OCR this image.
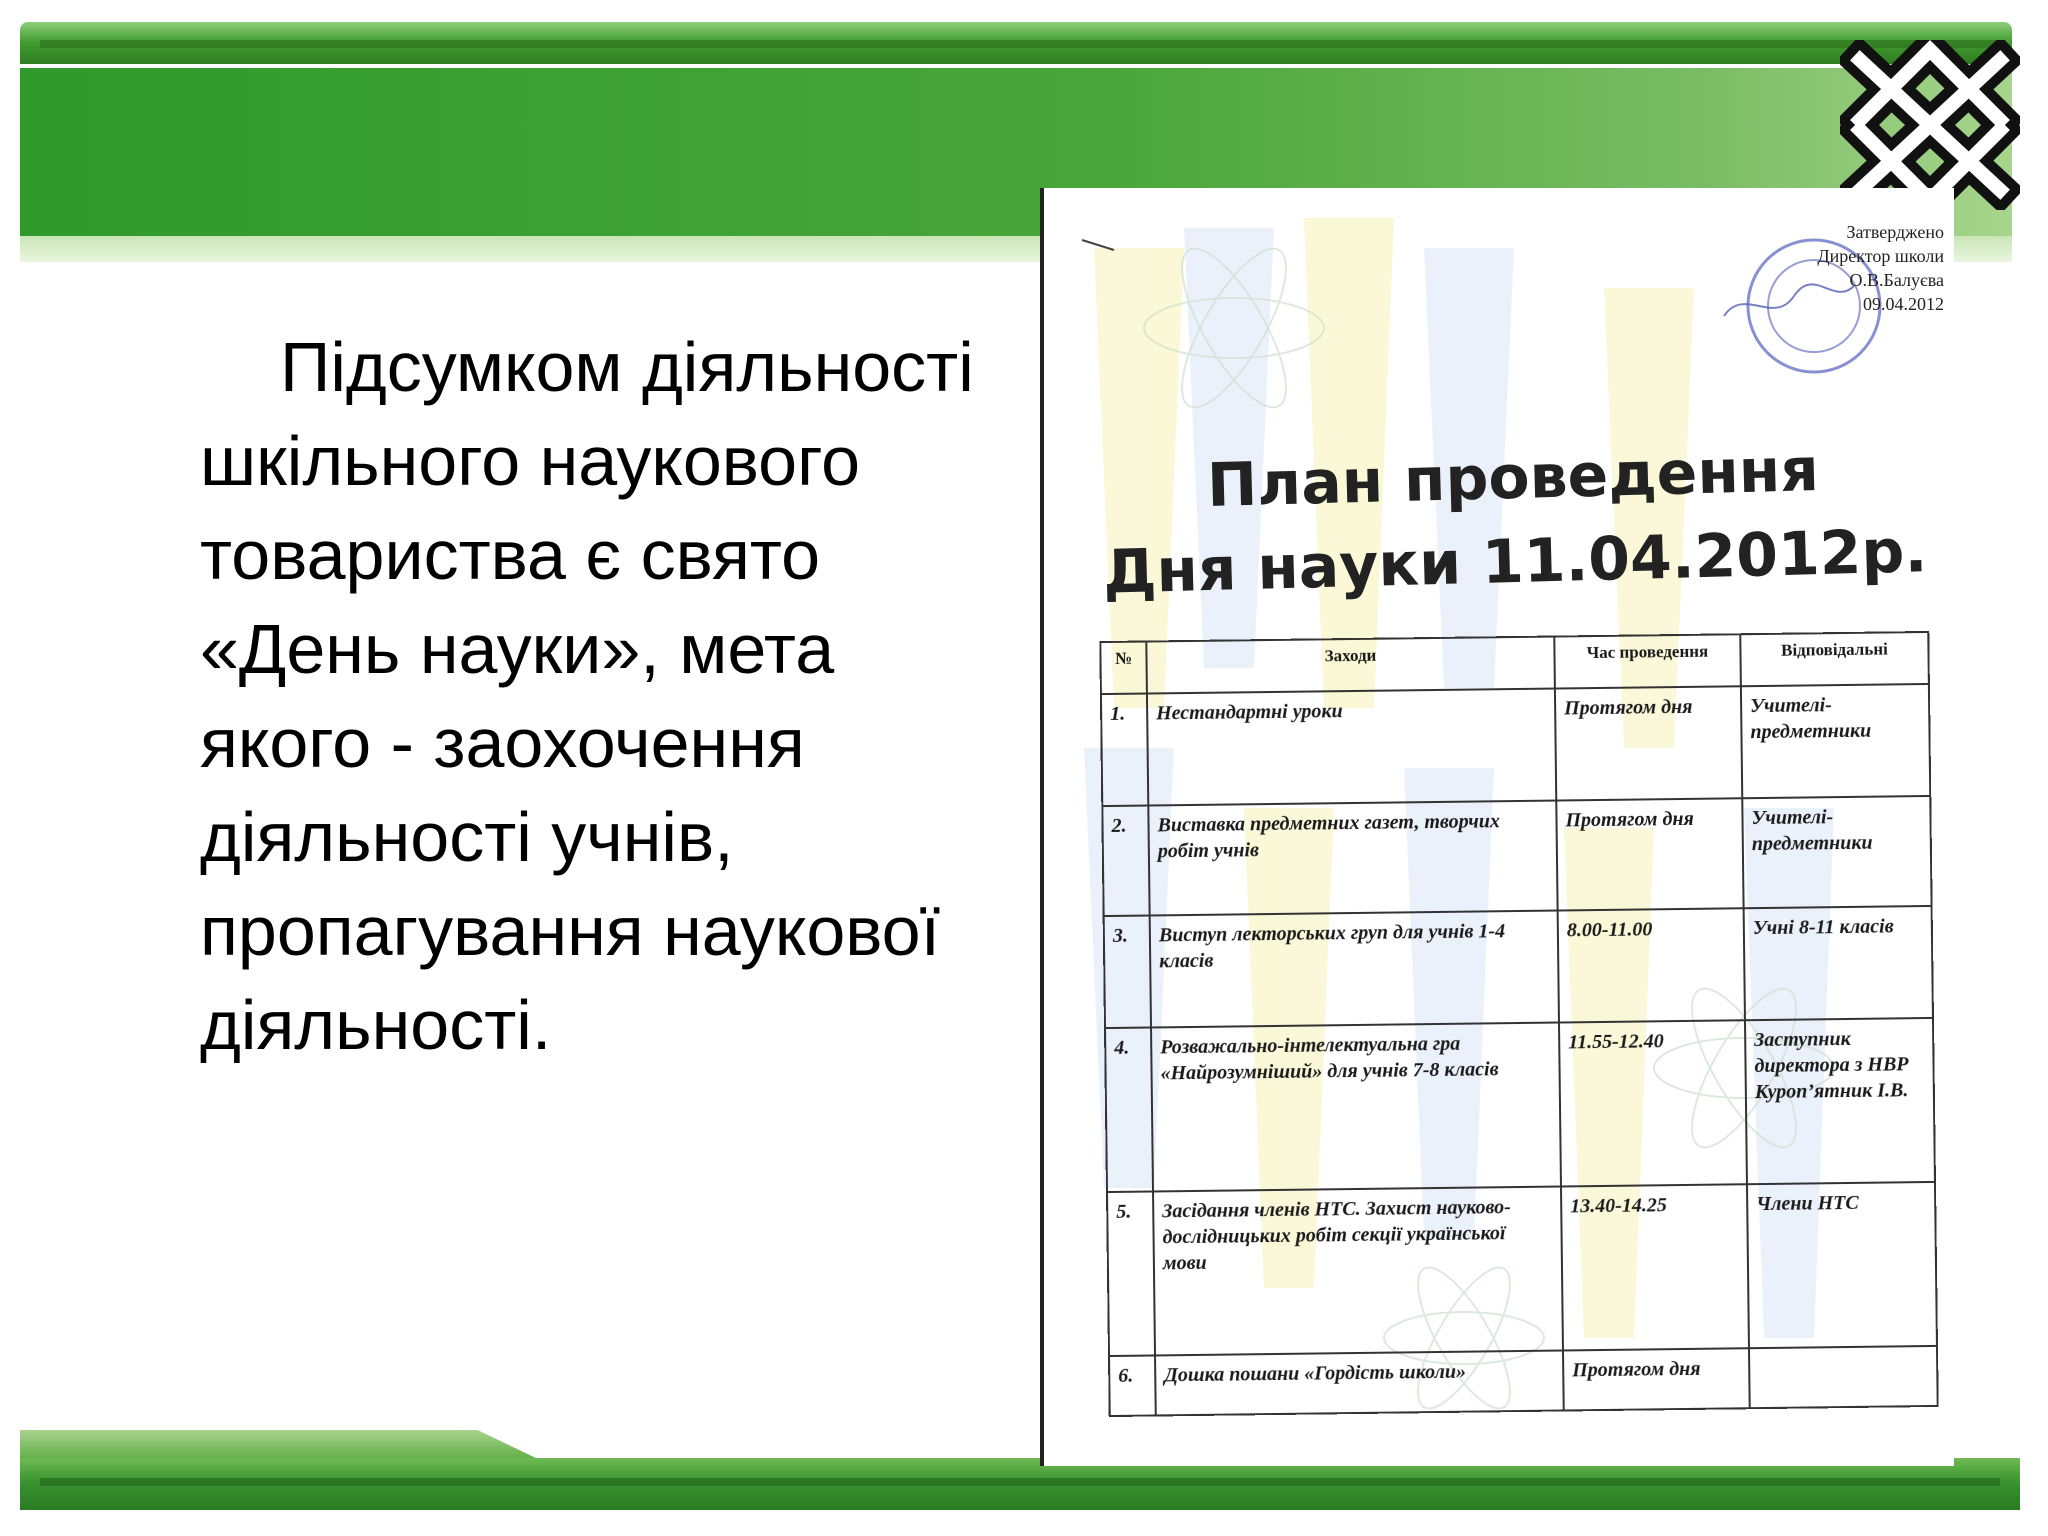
Підсумком діяльності шкільного наукового товариства є свято «День науки», мета якого - заохочення діяльності учнів, пропагування наукової діяльності.
Затверджено
Директор школи
О.В.Балуєва
09.04.2012
План проведення
Дня науки 11.04.2012р.
№	Заходи	Час проведення	Відповідальні
1.	Нестандартні уроки	Протягом дня	Учителі-предметники
2.	Виставка предметних газет, творчих робіт учнів	Протягом дня	Учителі-предметники
3.	Виступ лекторських груп для учнів 1-4 класів	8.00-11.00	Учні 8-11 класів
4.	Розважально-інтелектуальна гра «Найрозумніший» для учнів 7-8 класів	11.55-12.40	Заступник директора з НВР Куроп’ятник І.В.
5.	Засідання членів НТС. Захист науково-дослідницьких робіт секції української мови	13.40-14.25	Члени НТС
6.	Дошка пошани «Гордість школи»	Протягом дня	
